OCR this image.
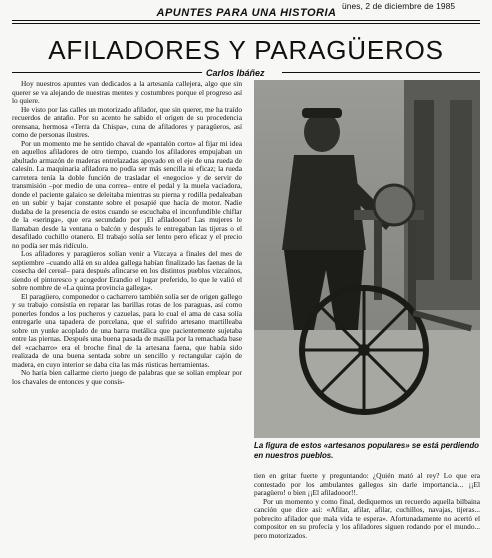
ünes, 2 de diciembre de 1985
APUNTES PARA UNA HISTORIA
AFILADORES Y PARAGÜEROS
Carlos Ibáñez

Hoy nuestros apuntes van dedicados a la artesanía callejera, algo que sin querer se va alejando de nuestras mentes y costumbres porque el progreso así lo quiere.

He visto por las calles un motorizado afilador, que sin querer, me ha traído recuerdos de antaño. Por su acento he sabido el origen de su procedencia orensana, hermosa «Terra da Chispa», cuna de afiladores y paragüeros, así como de personas ilustres.

Por un momento me he sentido chaval de «pantalón corto» al fijar mi idea en aquellos afiladores de otro tiempo, cuando los afiladores empujaban un abultado armazón de maderas entrelazadas apoyado en el eje de una rueda de calesín. La maquinaria afiladora no podía ser más sencilla ni eficaz; la rueda carretera tenía la doble función de trasladar el «negocio» y de servir de transmisión –por medio de una correa– entre el pedal y la muela vaciadora, donde el paciente galaico se deleitaba mientras su pierna y rodilla pedaleaban en un subir y bajar constante sobre el posapié que hacía de motor. Nadie dudaba de la presencia de estos cuando se escuchaba el inconfundible chiflar de la «seringa», que era secundado por ¡El afiladooor! Las mujeres le llamaban desde la ventana o balcón y después le entregaban las tijeras o el desafilado cuchillo otanero. El trabajo solía ser lento pero eficaz y el precio no podía ser más ridículo.

Los afiladores y paragüeros solían venir a Vizcaya a finales del mes de septiembre –cuando allá en su aldea gallega habían finalizado las faenas de la cosecha del cereal– para después afincarse en los distintos pueblos vizcaínos, siendo el pintoresco y acogedor Erandio el lugar preferido, lo que le valió el sobre nombre de «La quinta provincia gallega».

El paragüero, componedor o cacharrero también solía ser de origen gallego y su trabajo consistía en reparar las barillas rotas de los paraguas, así como ponerles fondos a los pucheros y cazuelas, para lo cual el ama de casa solía entregarle una tapadera de porcelana, que el sufrido artesano martilleaba sobre un yunke acoplado de una barra metálica que pacientemente sujetaba entre las piernas. Después una buena pasada de masilla por la remachada base del «cacharro» era el broche final de la artesana faena, que había sido realizada de una buena sentada sobre un sencillo y rectangular cajón de madera, en cuyo interior se daba cita las más rústicas herramientas.

No haría bien callarme cierto juego de palabras que se solían emplear por los chavales de entonces y que consis-

La figura de estos «artesanos populares» se está perdiendo en nuestros pueblos.

tien en gritar fuerte y preguntando: ¿Quién mató al rey? Lo que era contestado por los ambulantes gallegos sin darle importancia... ¡¡El paragüero! o bien ¡¡El afiladooor!!.

Por un momento y como final, dediquemos un recuerdo aquella bilbaina canción que dice así: «Afilar, afilar, afilar, cuchillos, navajas, tijeras... pobrecito afilador que mala vida te espera». Afortunadamente no acertó el compositor en su profecía y los afiladores siguen rodando por el mundo... pero motorizados.
